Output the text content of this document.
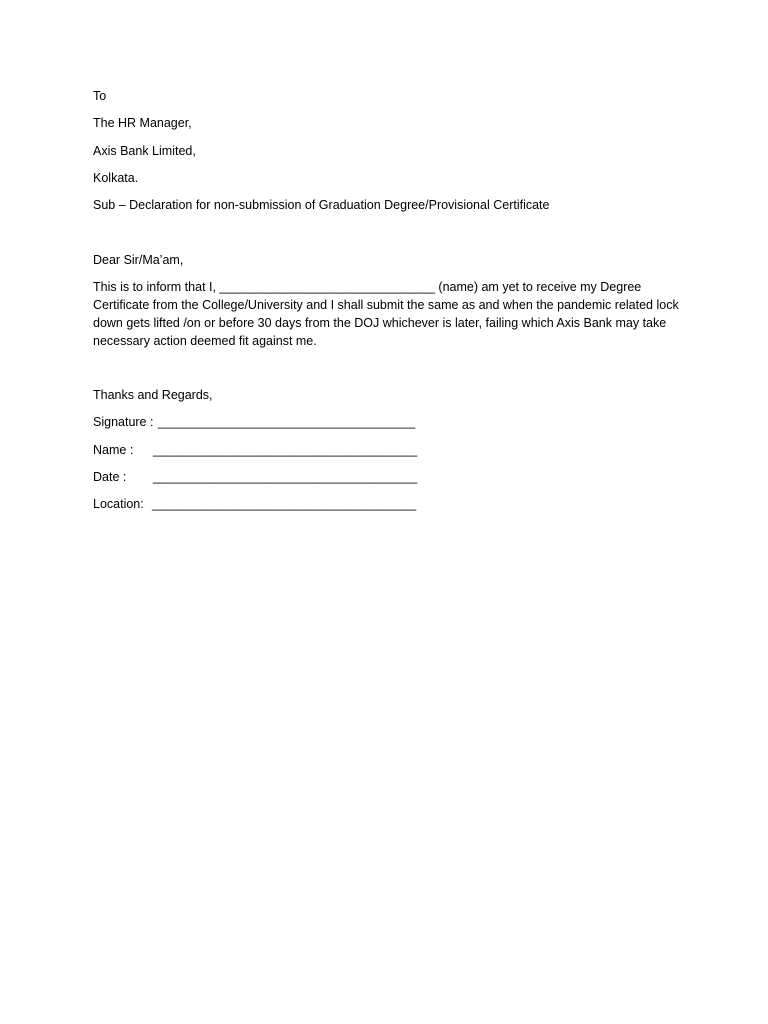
To
The HR Manager,
Axis Bank Limited,
Kolkata.
Sub – Declaration for non-submission of Graduation Degree/Provisional Certificate
Dear Sir/Ma’am,
This is to inform that I, _______________________________ (name) am yet to receive my Degree Certificate from the College/University and I shall submit the same as and when the pandemic related lock down gets lifted /on or before 30 days from the DOJ whichever is later, failing which Axis Bank may take necessary action deemed fit against me.
Thanks and Regards,
Signature : _____________________________________
Name : ______________________________________
Date : ______________________________________
Location: ______________________________________
